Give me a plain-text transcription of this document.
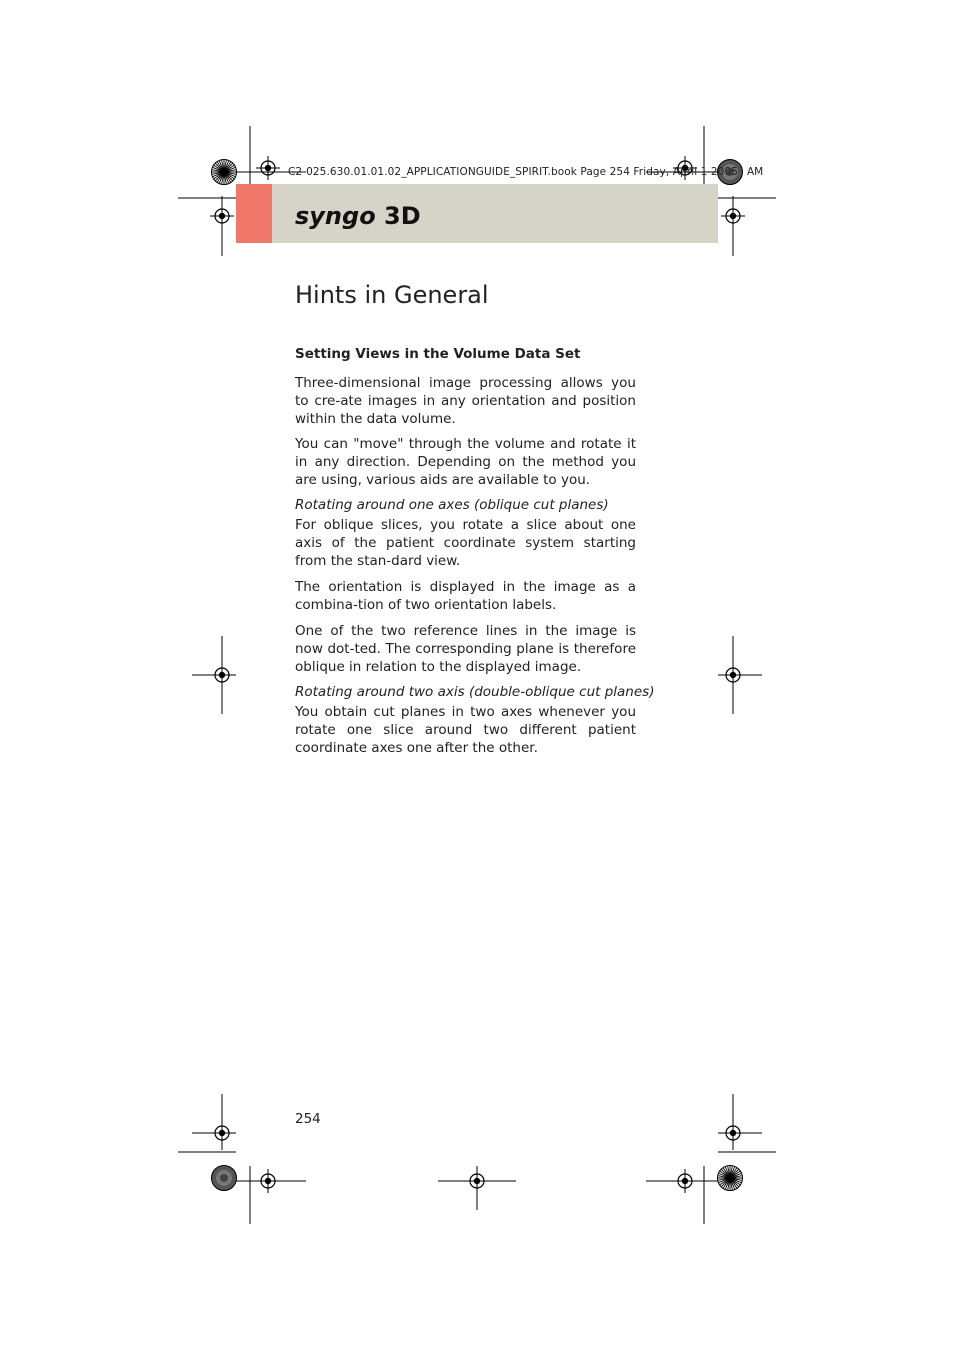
C2-025.630.01.01.02_APPLICATIONGUIDE_SPIRIT.book Page 254 Friday, April 1 2005 AM
syngo 3D
Hints in General
Setting Views in the Volume Data Set
Three-dimensional image processing allows you to cre-ate images in any orientation and position within the data volume.
You can "move" through the volume and rotate it in any direction. Depending on the method you are using, various aids are available to you.
Rotating around one axes (oblique cut planes)
For oblique slices, you rotate a slice about one axis of the patient coordinate system starting from the stan-dard view.
The orientation is displayed in the image as a combina-tion of two orientation labels.
One of the two reference lines in the image is now dot-ted. The corresponding plane is therefore oblique in relation to the displayed image.
Rotating around two axis (double-oblique cut planes)
You obtain cut planes in two axes whenever you rotate one slice around two different patient coordinate axes one after the other.
254
